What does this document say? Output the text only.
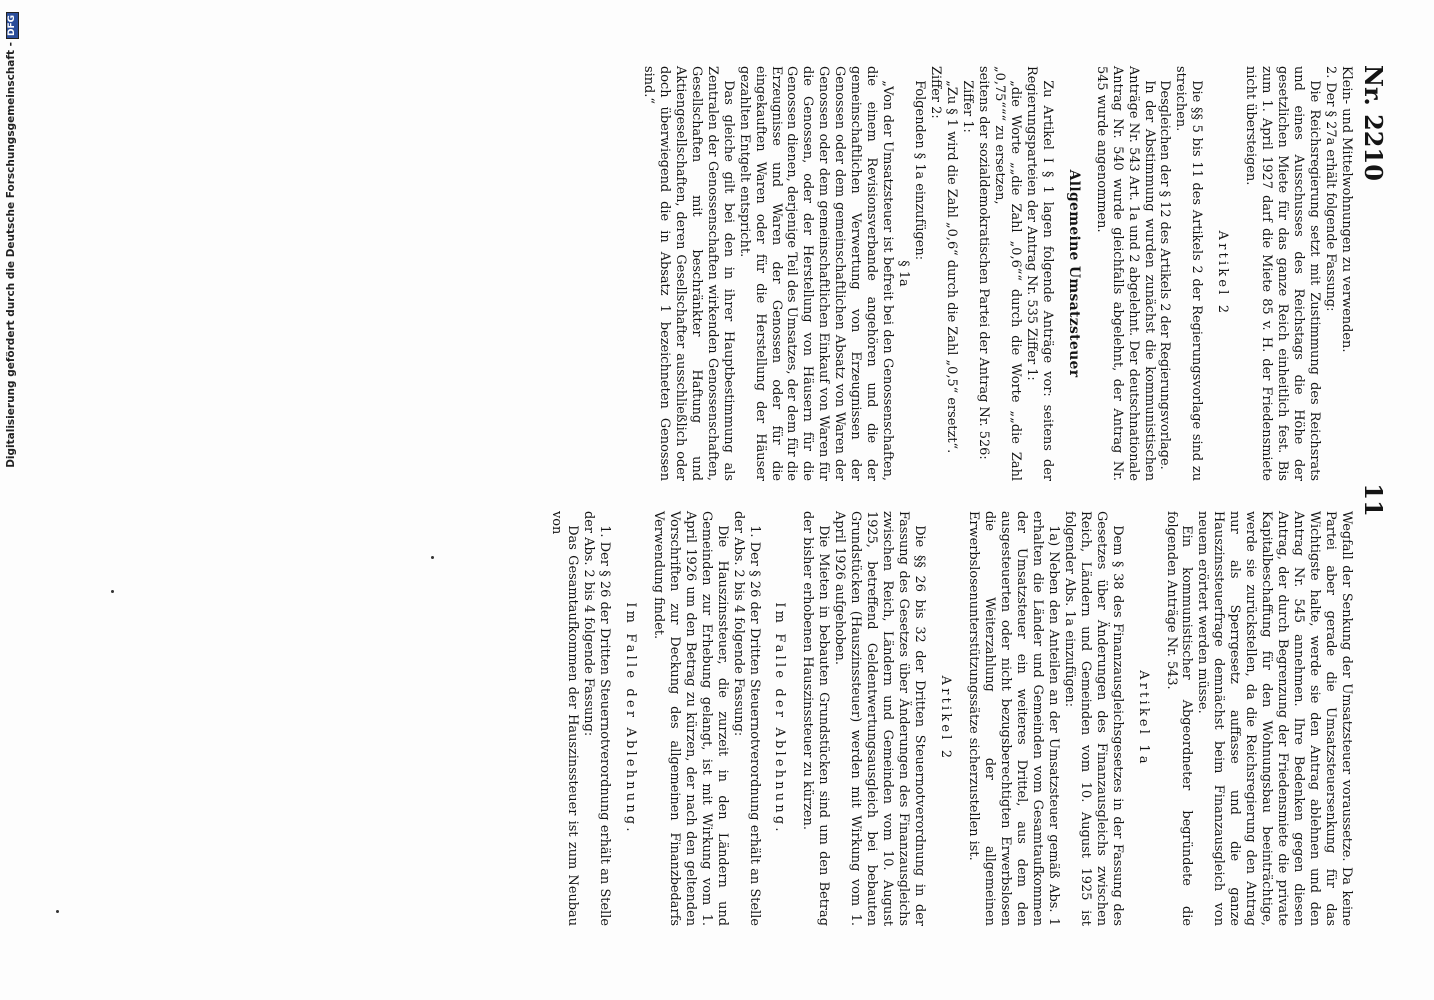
Digitalisierung gefördert durch die Deutsche Forschungsgemeinschaft -DFG
Nr. 2210
11

Klein- und Mittelwohnungen zu verwenden.

2. Der § 27a erhält folgende Fassung:

Die Reichsregierung setzt mit Zustimmung des Reichsrats und eines Ausschusses des Reichstags die Höhe der gesetzlichen Miete für das ganze Reich einheitlich fest. Bis zum 1. April 1927 darf die Miete 85 v. H. der Friedensmiete nicht übersteigen.

Artikel 2

Die §§ 5 bis 11 des Artikels 2 der Regierungsvorlage sind zu streichen.

Desgleichen der § 12 des Artikels 2 der Regierungsvorlage.

In der Abstimmung wurden zunächst die kommunistischen Anträge Nr. 543 Art. 1a und 2 abgelehnt. Der deutschnationale Antrag Nr. 540 wurde gleichfalls abgelehnt, der Antrag Nr. 545 wurde angenommen.

Allgemeine Umsatzsteuer

Zu Artikel I § 1 lagen folgende Anträge vor: seitens der Regierungsparteien der Antrag Nr. 535 Ziffer 1:

„die Worte „„die Zahl „0,6““ durch die Worte „„die Zahl „0,75“““ zu ersetzen,

seitens der sozialdemokratischen Partei der Antrag Nr. 526:

Ziffer 1:

„Zu § 1 wird die Zahl „0,6“ durch die Zahl „0,5“ ersetzt“.

Ziffer 2:

Folgenden § 1a einzufügen:

§ 1a

„Von der Umsatzsteuer ist befreit bei den Genossenschaften, die einem Revisionsverbande angehören und die der gemeinschaftlichen Verwertung von Erzeugnissen der Genossen oder dem gemeinschaftlichen Absatz von Waren der Genossen oder dem gemeinschaftlichen Einkauf von Waren für die Genossen, oder der Herstellung von Häusern für die Genossen dienen, derjenige Teil des Umsatzes, der dem für die Erzeugnisse und Waren der Genossen oder für die eingekauften Waren oder für die Herstellung der Häuser gezahlten Entgelt entspricht.

Das gleiche gilt bei den in ihrer Hauptbestimmung als Zentralen der Genossenschaften wirkenden Genossenschaften, Gesellschaften mit beschränkter Haftung und Aktiengesellschaften, deren Gesellschafter ausschließlich oder doch überwiegend die in Absatz 1 bezeichneten Genossen sind.“

Wegfall der Senkung der Umsatzsteuer voraussetze. Da keine Partei aber gerade die Umsatzsteuersenkung für das Wichtigste halte, werde sie den Antrag ablehnen und den Antrag Nr. 545 annehmen. Ihre Bedenken gegen diesen Antrag, der durch Begrenzung der Friedensmiete die private Kapitalbeschaffung für den Wohnungsbau beeinträchtige, werde sie zurückstellen, da die Reichsregierung den Antrag nur als Sperrgesetz auffasse und die ganze Hauszinssteuerfrage demnächst beim Finanzausgleich von neuem erörtert werden müsse.

Ein kommunistischer Abgeordneter begründete die folgenden Anträge Nr. 543.

Artikel 1a

Dem § 38 des Finanzausgleichsgesetzes in der Fassung des Gesetzes über Änderungen des Finanzausgleichs zwischen Reich, Ländern und Gemeinden vom 10. August 1925 ist folgender Abs. 1a einzufügen:

1a) Neben den Anteilen an der Umsatzsteuer gemäß Abs. 1 erhalten die Länder und Gemeinden vom Gesamtaufkommen der Umsatzsteuer ein weiteres Drittel, aus dem den ausgesteuerten oder nicht bezugsberechtigten Erwerbslosen die Weiterzahlung der allgemeinen Erwerbslosenunterstützungssätze sicherzustellen ist.

Artikel 2

Die §§ 26 bis 32 der Dritten Steuernotverordnung in der Fassung des Gesetzes über Änderungen des Finanzausgleichs zwischen Reich, Ländern und Gemeinden vom 10. August 1925, betreffend Geldentwertungsausgleich bei bebauten Grundstücken (Hauszinssteuer) werden mit Wirkung vom 1. April 1926 aufgehoben.

Die Mieten in bebauten Grundstücken sind um den Betrag der bisher erhobenen Hauszinssteuer zu kürzen.

Im Falle der Ablehnung.

1. Der § 26 der Dritten Steuernotverordnung erhält an Stelle der Abs. 2 bis 4 folgende Fassung:

Die Hauszinssteuer, die zurzeit in den Ländern und Gemeinden zur Erhebung gelangt, ist mit Wirkung vom 1. April 1926 um den Betrag zu kürzen, der nach den geltenden Vorschriften zur Deckung des allgemeinen Finanzbedarfs Verwendung findet.

Im Falle der Ablehnung.

1. Der § 26 der Dritten Steuernotverordnung erhält an Stelle der Abs. 2 bis 4 folgende Fassung:

Das Gesamtaufkommen der Hauszinssteuer ist zum Neubau von
